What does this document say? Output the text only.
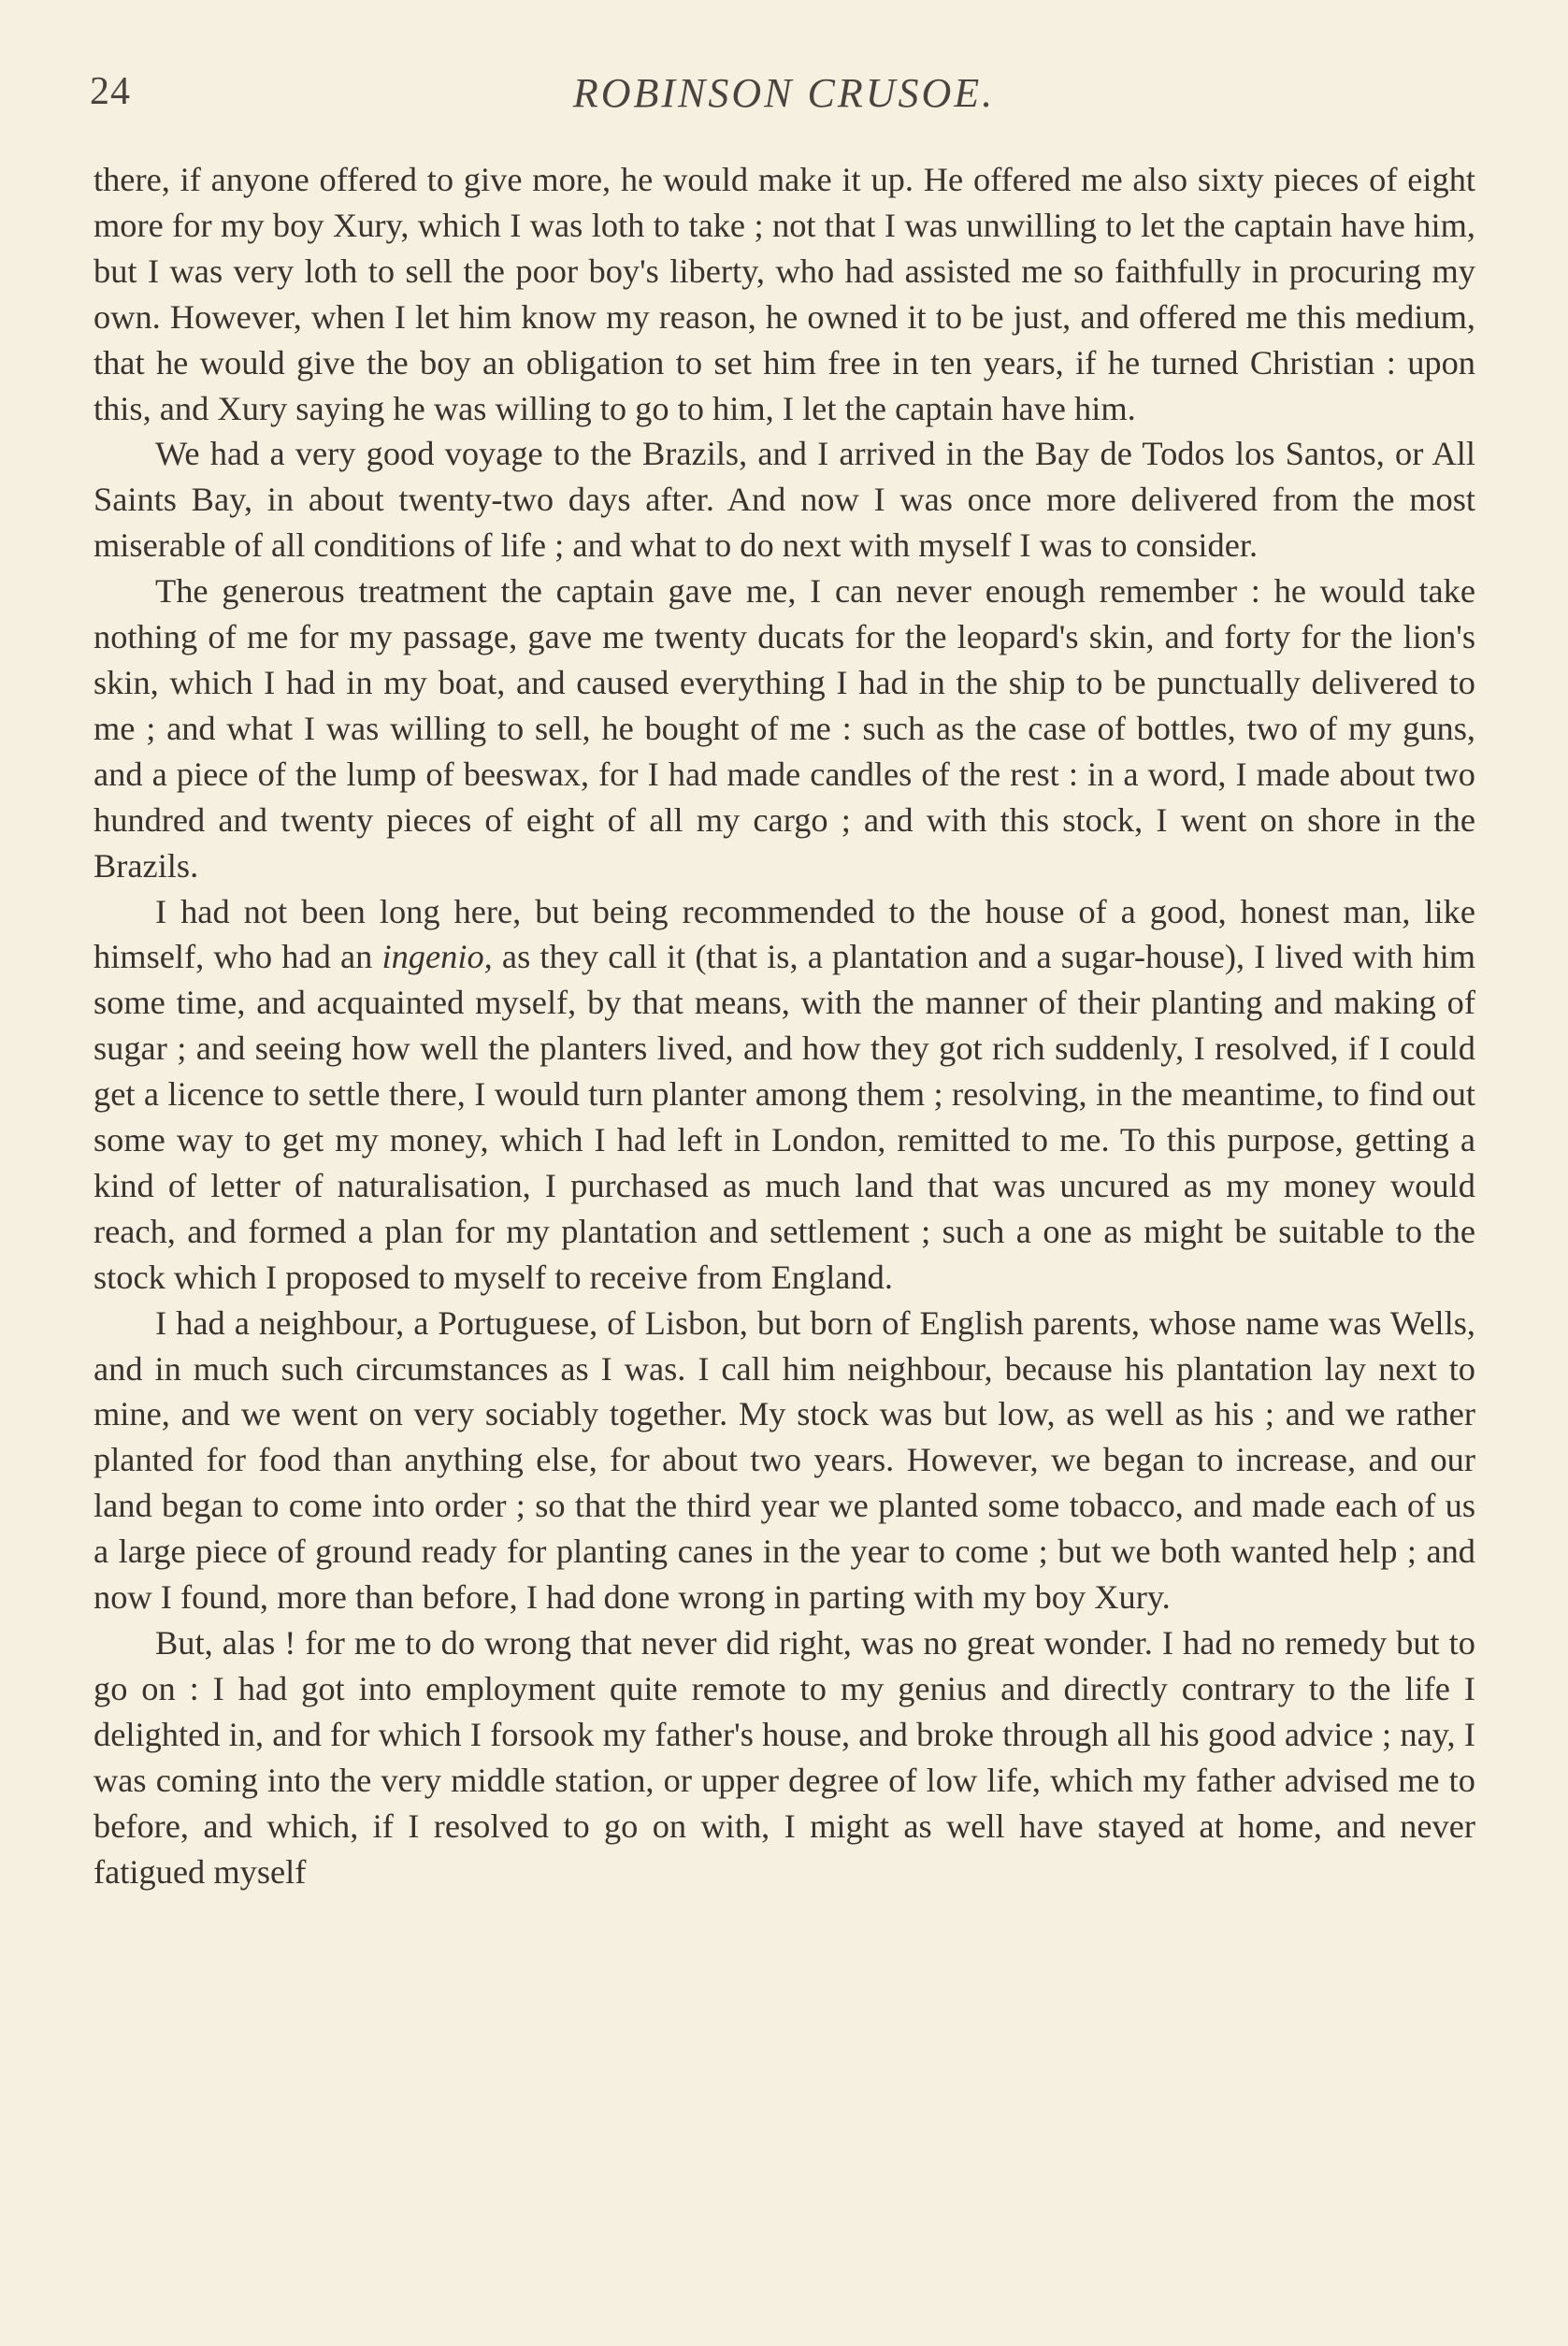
24	ROBINSON CRUSOE.

there, if anyone offered to give more, he would make it up. He offered me also sixty pieces of eight more for my boy Xury, which I was loth to take ; not that I was unwilling to let the captain have him, but I was very loth to sell the poor boy's liberty, who had assisted me so faithfully in procuring my own. However, when I let him know my reason, he owned it to be just, and offered me this medium, that he would give the boy an obligation to set him free in ten years, if he turned Christian : upon this, and Xury saying he was willing to go to him, I let the captain have him.

We had a very good voyage to the Brazils, and I arrived in the Bay de Todos los Santos, or All Saints Bay, in about twenty-two days after. And now I was once more delivered from the most miserable of all conditions of life ; and what to do next with myself I was to consider.

The generous treatment the captain gave me, I can never enough remember : he would take nothing of me for my passage, gave me twenty ducats for the leopard's skin, and forty for the lion's skin, which I had in my boat, and caused everything I had in the ship to be punctually delivered to me ; and what I was willing to sell, he bought of me : such as the case of bottles, two of my guns, and a piece of the lump of beeswax, for I had made candles of the rest : in a word, I made about two hundred and twenty pieces of eight of all my cargo ; and with this stock, I went on shore in the Brazils.

I had not been long here, but being recommended to the house of a good, honest man, like himself, who had an ingenio, as they call it (that is, a plantation and a sugar-house), I lived with him some time, and acquainted myself, by that means, with the manner of their planting and making of sugar ; and seeing how well the planters lived, and how they got rich suddenly, I resolved, if I could get a licence to settle there, I would turn planter among them ; resolving, in the meantime, to find out some way to get my money, which I had left in London, remitted to me. To this purpose, getting a kind of letter of naturalisation, I purchased as much land that was uncured as my money would reach, and formed a plan for my plantation and settlement ; such a one as might be suitable to the stock which I proposed to myself to receive from England.

I had a neighbour, a Portuguese, of Lisbon, but born of English parents, whose name was Wells, and in much such circumstances as I was. I call him neighbour, because his plantation lay next to mine, and we went on very sociably together. My stock was but low, as well as his ; and we rather planted for food than anything else, for about two years. However, we began to increase, and our land began to come into order ; so that the third year we planted some tobacco, and made each of us a large piece of ground ready for planting canes in the year to come ; but we both wanted help ; and now I found, more than before, I had done wrong in parting with my boy Xury.

But, alas ! for me to do wrong that never did right, was no great wonder. I had no remedy but to go on : I had got into employment quite remote to my genius and directly contrary to the life I delighted in, and for which I forsook my father's house, and broke through all his good advice ; nay, I was coming into the very middle station, or upper degree of low life, which my father advised me to before, and which, if I resolved to go on with, I might as well have stayed at home, and never fatigued myself
